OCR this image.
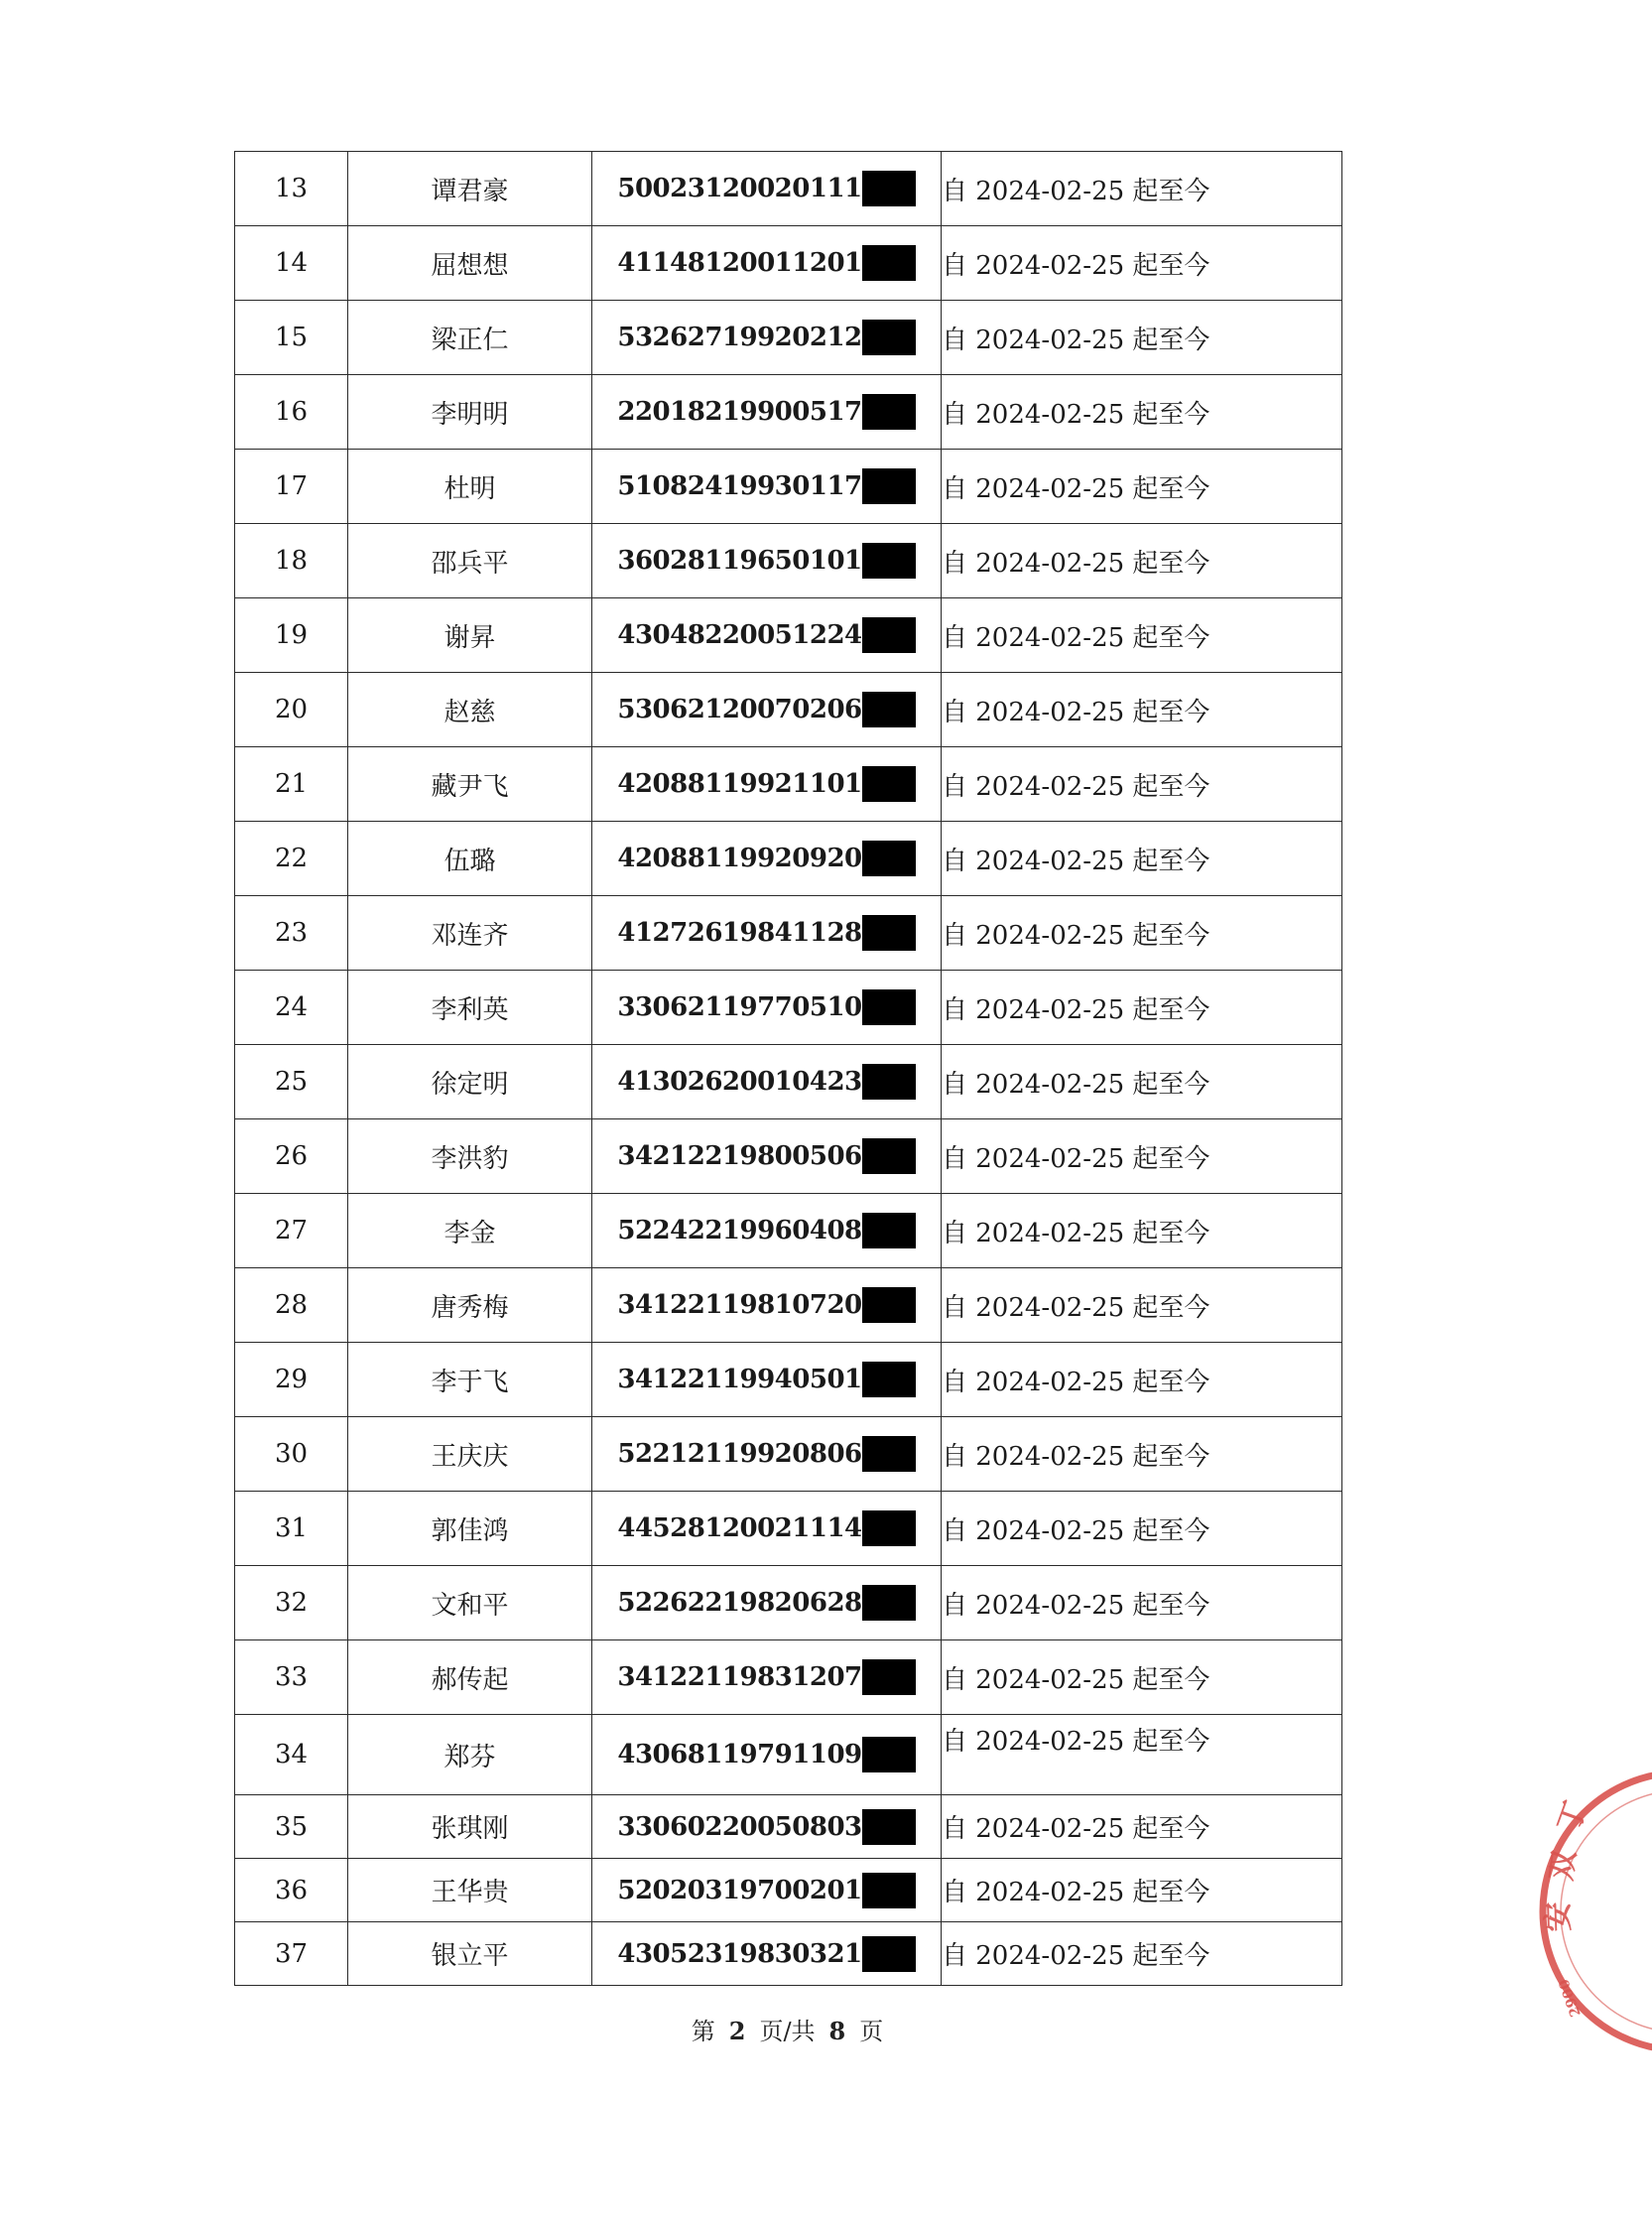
13	谭君豪	50023120020111	自 2024-02-25 起至今
14	屈想想	41148120011201	自 2024-02-25 起至今
15	梁正仁	53262719920212	自 2024-02-25 起至今
16	李明明	22018219900517	自 2024-02-25 起至今
17	杜明	51082419930117	自 2024-02-25 起至今
18	邵兵平	36028119650101	自 2024-02-25 起至今
19	谢昇	43048220051224	自 2024-02-25 起至今
20	赵慈	53062120070206	自 2024-02-25 起至今
21	藏尹飞	42088119921101	自 2024-02-25 起至今
22	伍璐	42088119920920	自 2024-02-25 起至今
23	邓连齐	41272619841128	自 2024-02-25 起至今
24	李利英	33062119770510	自 2024-02-25 起至今
25	徐定明	41302620010423	自 2024-02-25 起至今
26	李洪豹	34212219800506	自 2024-02-25 起至今
27	李金	52242219960408	自 2024-02-25 起至今
28	唐秀梅	34122119810720	自 2024-02-25 起至今
29	李于飞	34122119940501	自 2024-02-25 起至今
30	王庆庆	52212119920806	自 2024-02-25 起至今
31	郭佳鸿	44528120021114	自 2024-02-25 起至今
32	文和平	52262219820628	自 2024-02-25 起至今
33	郝传起	34122119831207	自 2024-02-25 起至今
34	郑芬	43068119791109	自 2024-02-25 起至今
35	张琪刚	33060220050803	自 2024-02-25 起至今
36	王华贵	52020319700201	自 2024-02-25 起至今
37	银立平	43052319830321	自 2024-02-25 起至今
第 2 页/共 8 页
丁
双
安
2900
